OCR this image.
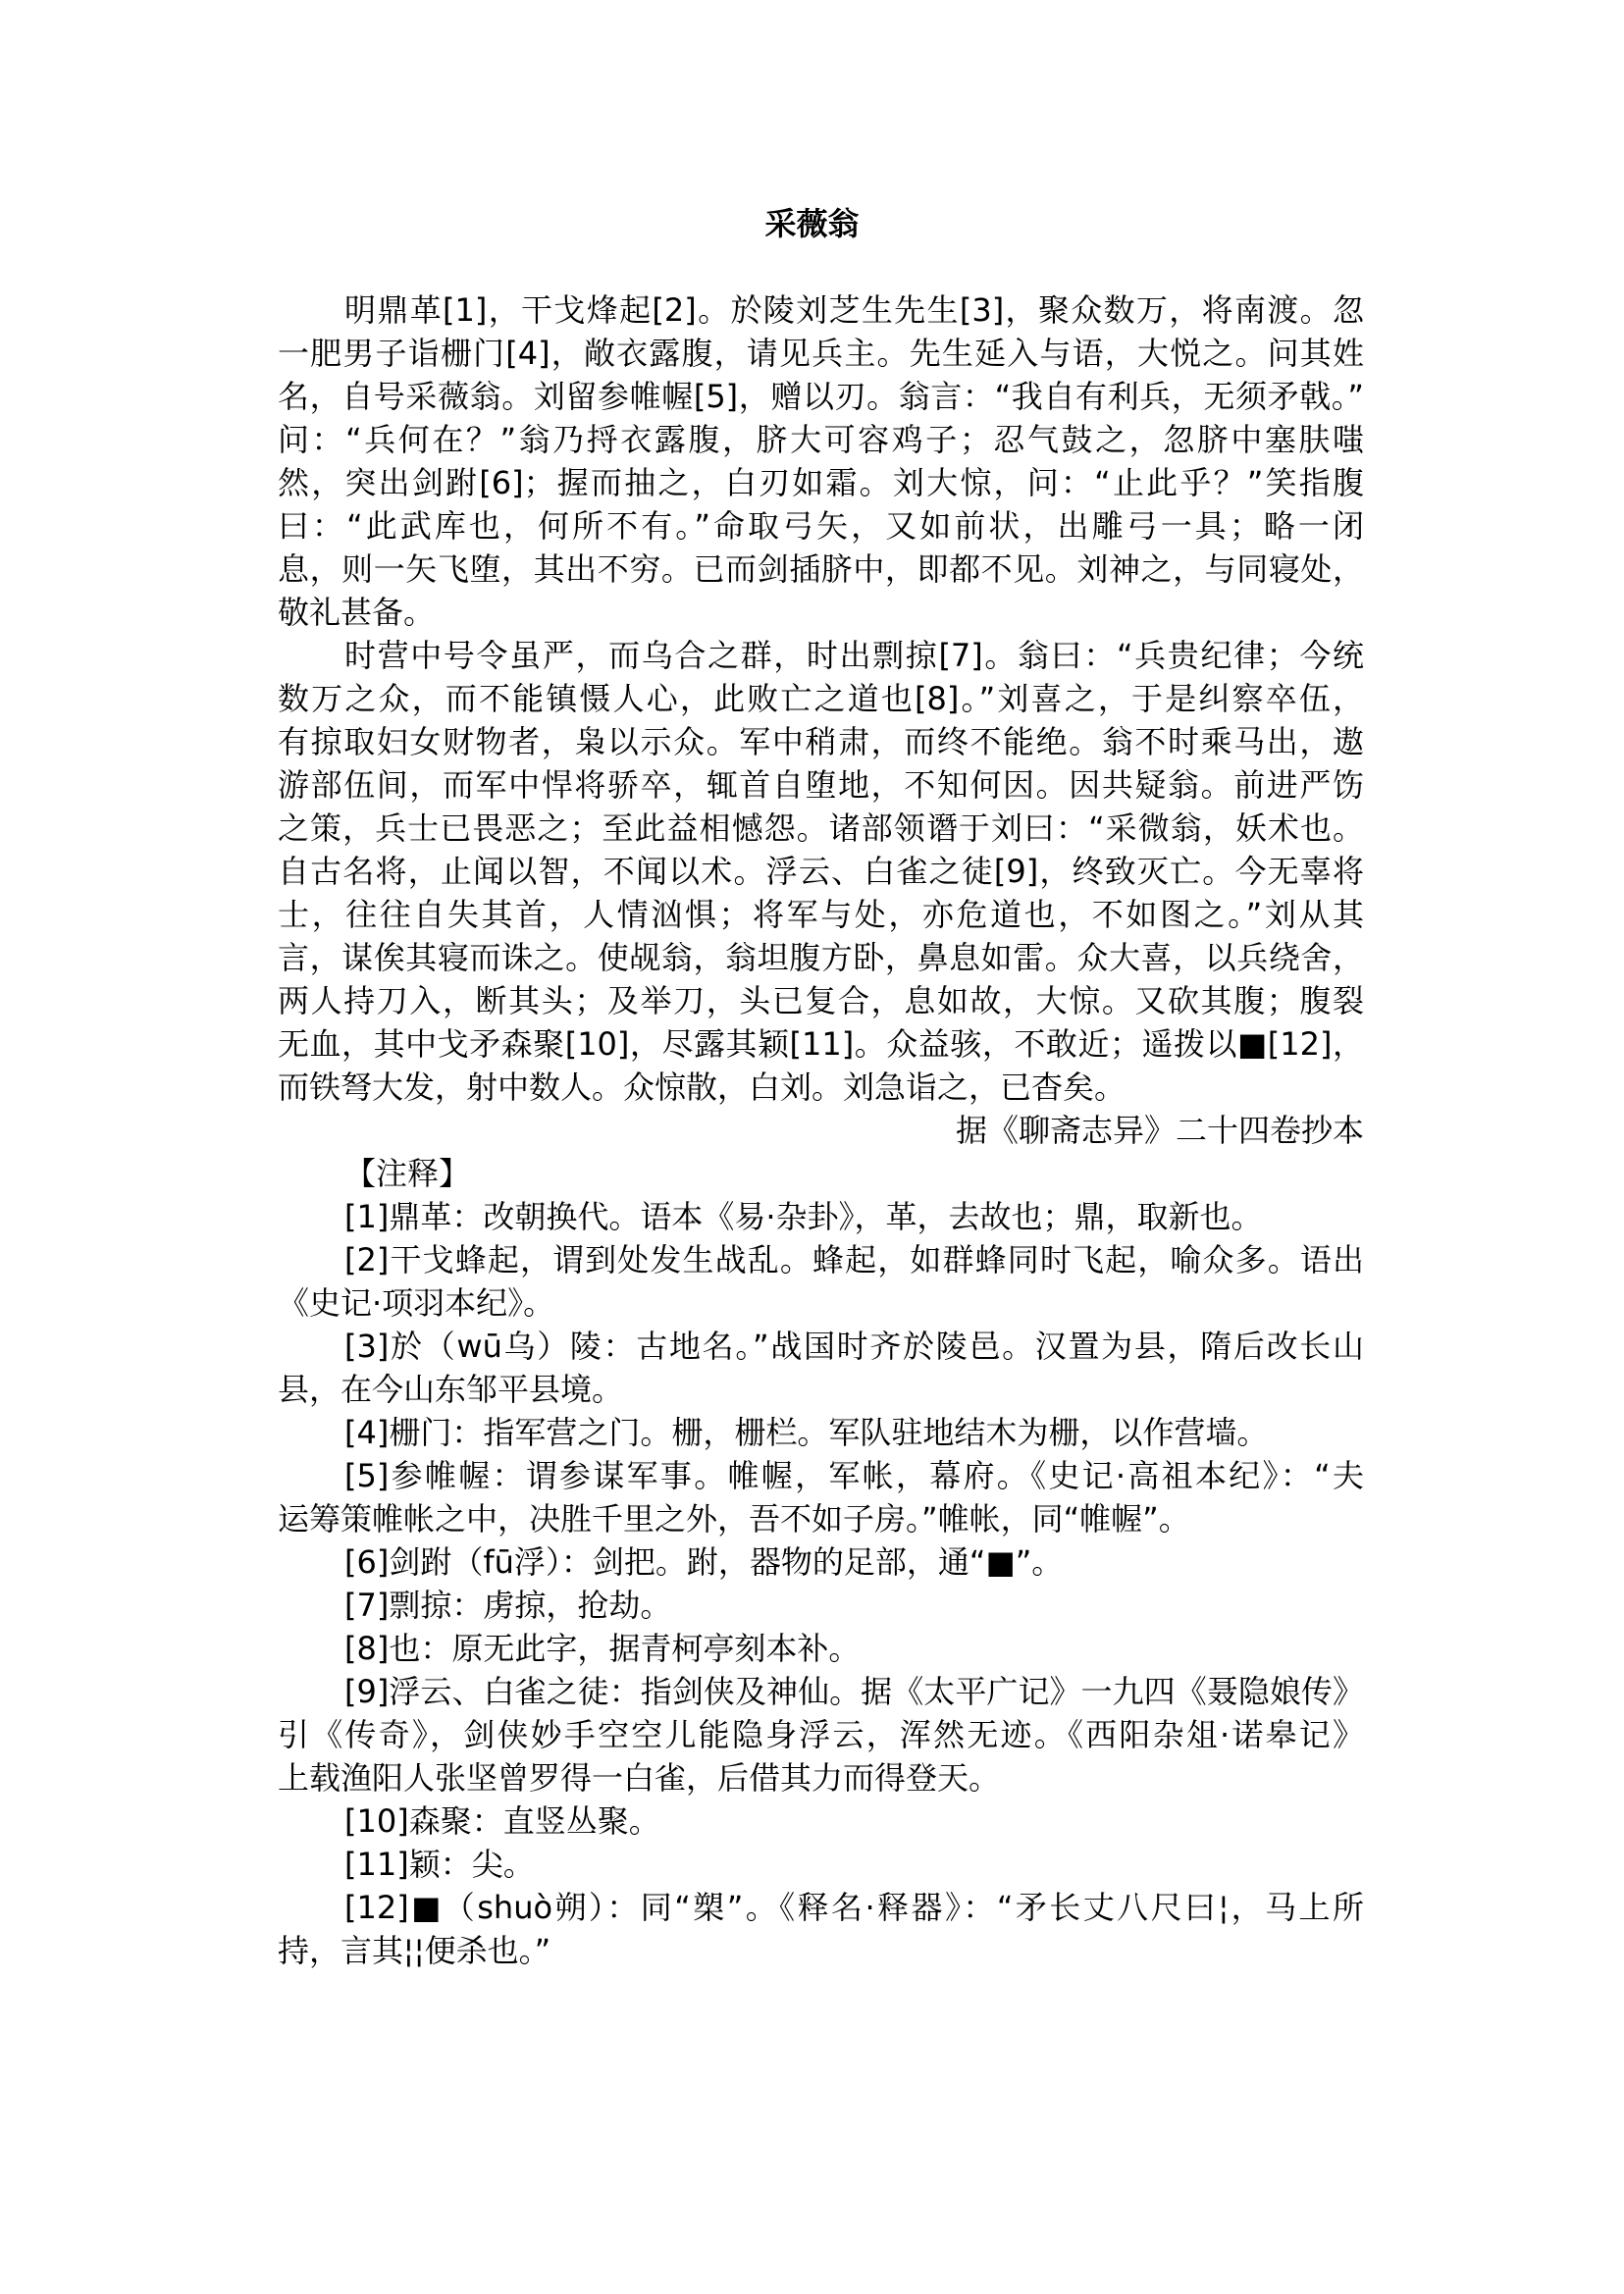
采薇翁
明鼎革[1]，干戈烽起[2]。於陵刘芝生先生[3]，聚众数万，将南渡。忽
一肥男子诣栅门[4]，敞衣露腹，请见兵主。先生延入与语，大悦之。问其姓
名，自号采薇翁。刘留参帷幄[5]，赠以刃。翁言：“我自有利兵，无须矛戟。”
问：“兵何在？”翁乃捋衣露腹，脐大可容鸡子；忍气鼓之，忽脐中塞肤嗤
然，突出剑跗[6]；握而抽之，白刃如霜。刘大惊，问：“止此乎？”笑指腹
曰：“此武库也，何所不有。”命取弓矢，又如前状，出雕弓一具；略一闭
息，则一矢飞堕，其出不穷。已而剑插脐中，即都不见。刘神之，与同寝处，
敬礼甚备。
时营中号令虽严，而乌合之群，时出剽掠[7]。翁曰：“兵贵纪律；今统
数万之众，而不能镇慑人心，此败亡之道也[8]。”刘喜之，于是纠察卒伍，
有掠取妇女财物者，枭以示众。军中稍肃，而终不能绝。翁不时乘马出，遨
游部伍间，而军中悍将骄卒，辄首自堕地，不知何因。因共疑翁。前进严饬
之策，兵士已畏恶之；至此益相憾怨。诸部领谮于刘曰：“采微翁，妖术也。
自古名将，止闻以智，不闻以术。浮云、白雀之徒[9]，终致灭亡。今无辜将
士，往往自失其首，人情汹惧；将军与处，亦危道也，不如图之。”刘从其
言，谋俟其寝而诛之。使觇翁，翁坦腹方卧，鼻息如雷。众大喜，以兵绕舍，
两人持刀入，断其头；及举刀，头已复合，息如故，大惊。又砍其腹；腹裂
无血，其中戈矛森聚[10]，尽露其颖[11]。众益骇，不敢近；遥拨以■[12]，
而铁弩大发，射中数人。众惊散，白刘。刘急诣之，已杳矣。
据《聊斋志异》二十四卷抄本
【注释】
[1]鼎革：改朝换代。语本《易·杂卦》，革，去故也；鼎，取新也。
[2]干戈蜂起，谓到处发生战乱。蜂起，如群蜂同时飞起，喻众多。语出
《史记·项羽本纪》。
[3]於（wū乌）陵：古地名。”战国时齐於陵邑。汉置为县，隋后改长山
县，在今山东邹平县境。
[4]栅门：指军营之门。栅，栅栏。军队驻地结木为栅，以作营墙。
[5]参帷幄：谓参谋军事。帷幄，军帐，幕府。《史记·高祖本纪》：“夫
运筹策帷帐之中，决胜千里之外，吾不如子房。”帷帐，同“帷幄”。
[6]剑跗（fū浮）：剑把。跗，器物的足部，通“■”。
[7]剽掠：虏掠，抢劫。
[8]也：原无此字，据青柯亭刻本补。
[9]浮云、白雀之徒：指剑侠及神仙。据《太平广记》一九四《聂隐娘传》
引《传奇》，剑侠妙手空空儿能隐身浮云，浑然无迹。《西阳杂俎·诺皋记》
上载渔阳人张坚曾罗得一白雀，后借其力而得登天。
[10]森聚：直竖丛聚。
[11]颖：尖。
[12]■（shuò朔）：同“槊”。《释名·释器》：“矛长丈八尺曰¦，马上所
持，言其¦¦便杀也。”
